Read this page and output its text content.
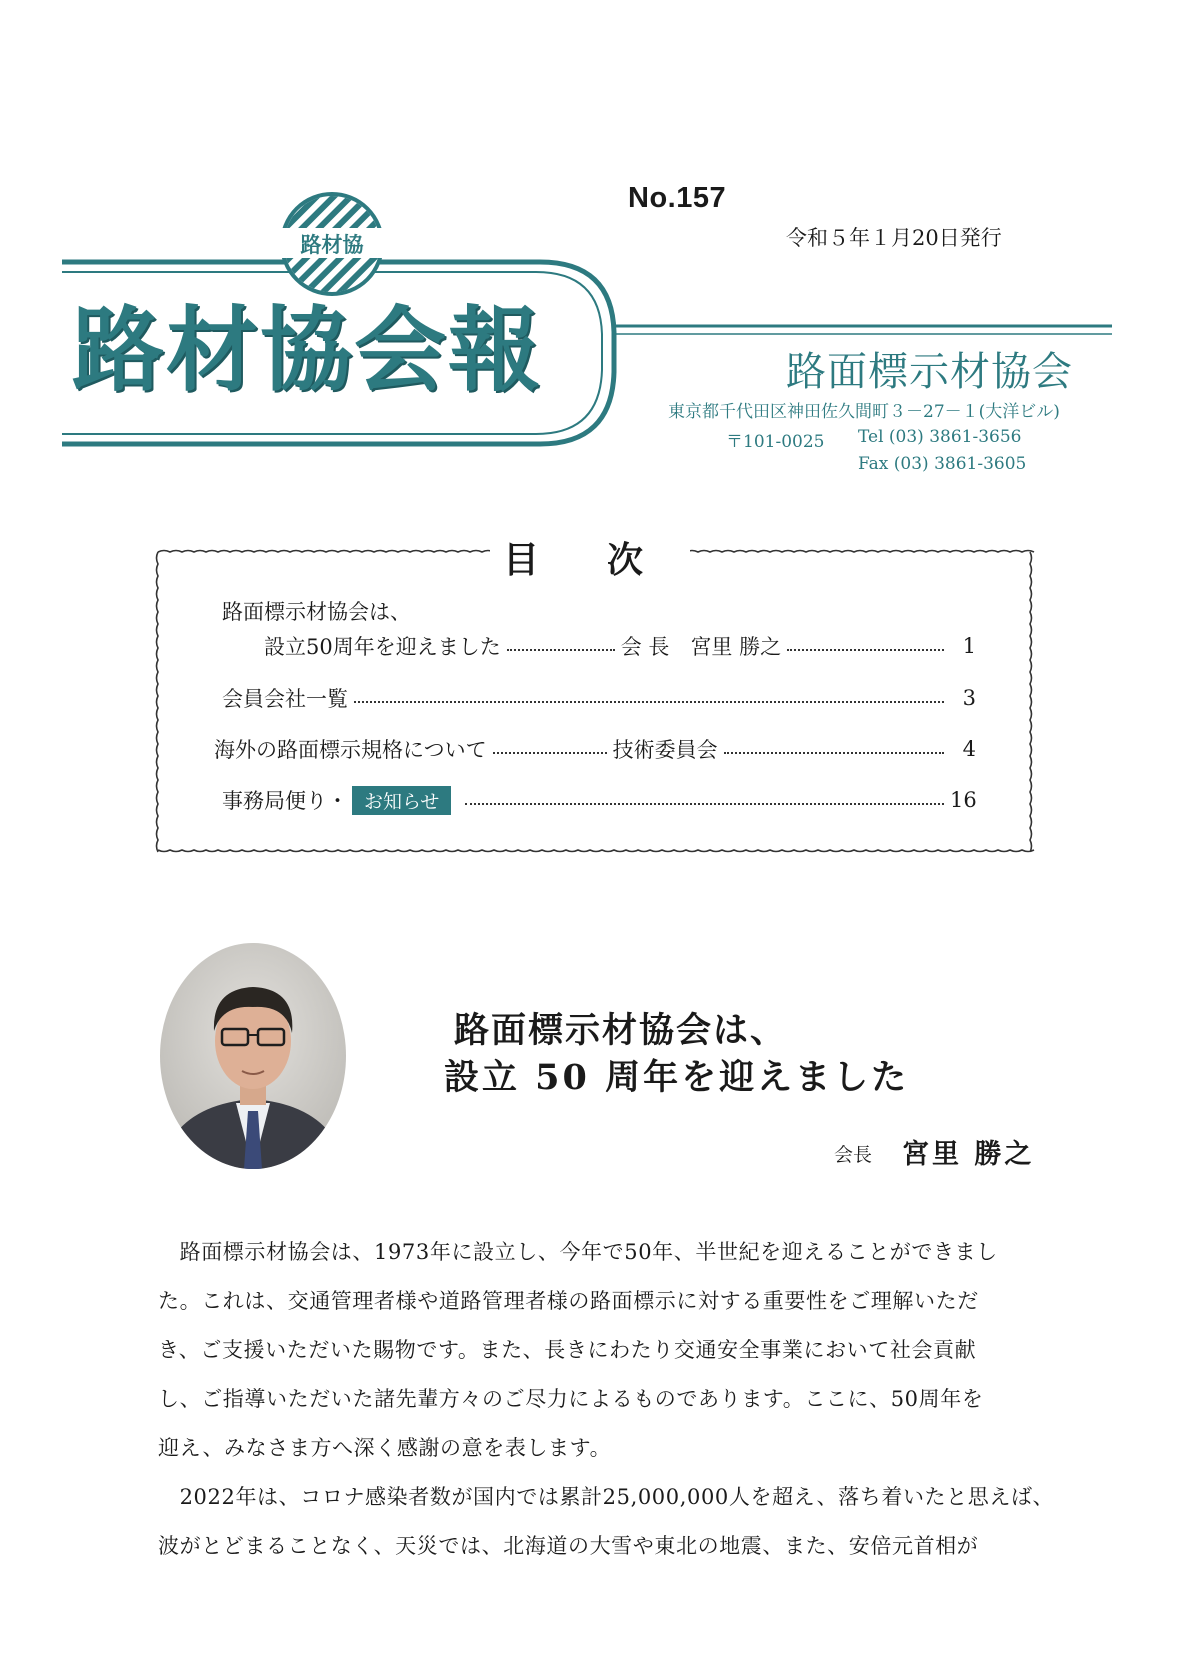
路材協
路材協会報
No.157
令和５年１月20日発行
路面標示材協会
東京都千代田区神田佐久間町３－27－１(大洋ビル)
〒101-0025 Tel (03) 3861-3656
Fax (03) 3861-3605
目次
路面標示材協会は、
設立50周年を迎えました	会 長　宮里 勝之	1
会員会社一覧	3
海外の路面標示規格について	技術委員会	4
事務局便り・ お知らせ	16
路面標示材協会は、
設立 50 周年を迎えました
会長 宮里 勝之
　路面標示材協会は、1973年に設立し、今年で50年、半世紀を迎えることができまし
た。これは、交通管理者様や道路管理者様の路面標示に対する重要性をご理解いただ
き、ご支援いただいた賜物です。また、長きにわたり交通安全事業において社会貢献
し、ご指導いただいた諸先輩方々のご尽力によるものであります。ここに、50周年を
迎え、みなさま方へ深く感謝の意を表します。
　2022年は、コロナ感染者数が国内では累計25,000,000人を超え、落ち着いたと思えば、
波がとどまることなく、天災では、北海道の大雪や東北の地震、また、安倍元首相が
